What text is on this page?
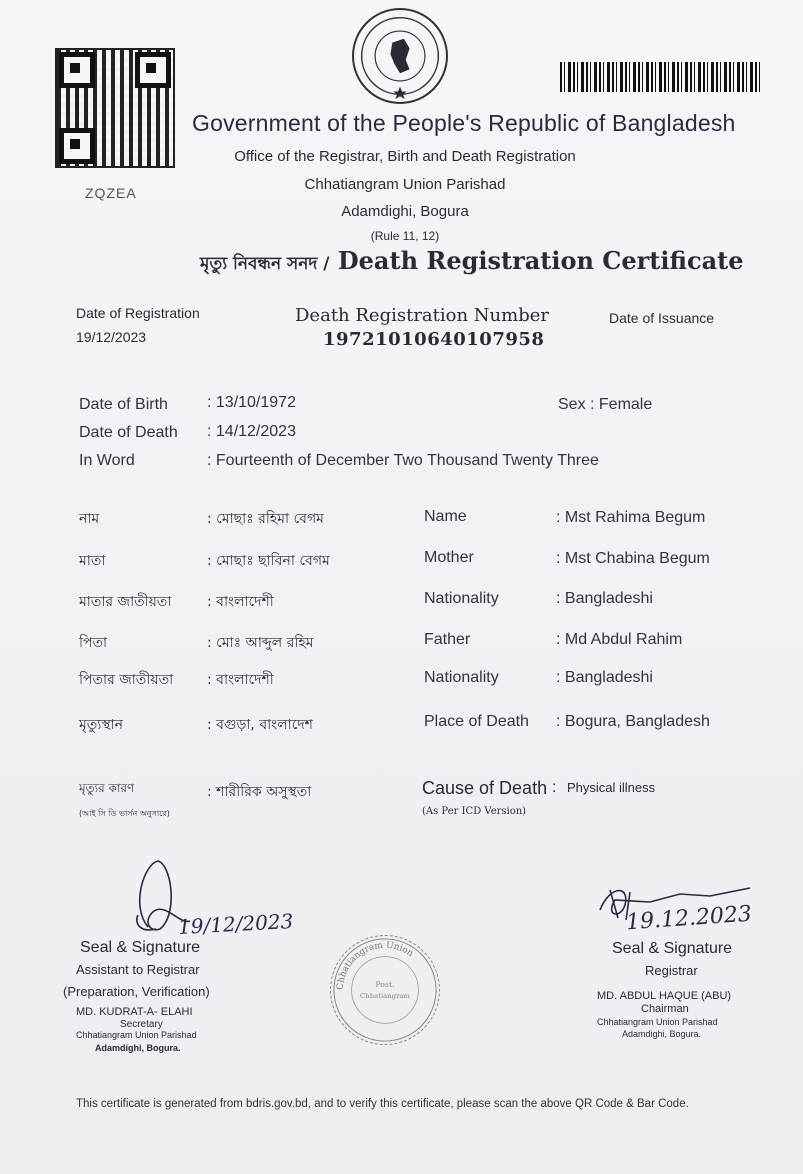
ZQZEA
Government of the People's Republic of Bangladesh
Office of the Registrar, Birth and Death Registration
Chhatiangram Union Parishad
Adamdighi, Bogura
(Rule 11, 12)
মৃত্যু নিবন্ধন সনদ / Death Registration Certificate
Date of Registration
19/12/2023
Death Registration Number
19721010640107958
Date of Issuance
Date of Birth : 13/10/1972	Sex : Female
Date of Death : 14/12/2023
In Word	: Fourteenth of December Two Thousand Twenty Three
নাম	: মোছাঃ রহিমা বেগম	Name	: Mst Rahima Begum
মাতা	: মোছাঃ ছাবিনা বেগম	Mother	: Mst Chabina Begum
মাতার জাতীয়তা	: বাংলাদেশী	Nationality	: Bangladeshi
পিতা	: মোঃ আব্দুল রহিম	Father	: Md Abdul Rahim
পিতার জাতীয়তা : বাংলাদেশী	Nationality	: Bangladeshi
মৃত্যুস্থান	: বগুড়া, বাংলাদেশ	Place of Death : Bogura, Bangladesh
মৃত্যুর কারণ
(আই সি ডি ভার্সন অনুসারে)
: শারীরিক অসুস্থতা	Cause of Death : Physical illness
(As Per ICD Version)
19/12/2023
Seal & Signature
Assistant to Registrar
(Preparation, Verification)
MD. KUDRAT-A- ELAHI
Secretary
Chhatiangram Union Parishad
Adamdighi, Bogura.
Chhatiangram Union
Post.
Chhatiangram
19.12.2023
Seal & Signature
Registrar
MD. ABDUL HAQUE (ABU)
Chairman
Chhatiangram Union Parishad
Adamdighi, Bogura.
This certificate is generated from bdris.gov.bd, and to verify this certificate, please scan the above QR Code & Bar Code.
